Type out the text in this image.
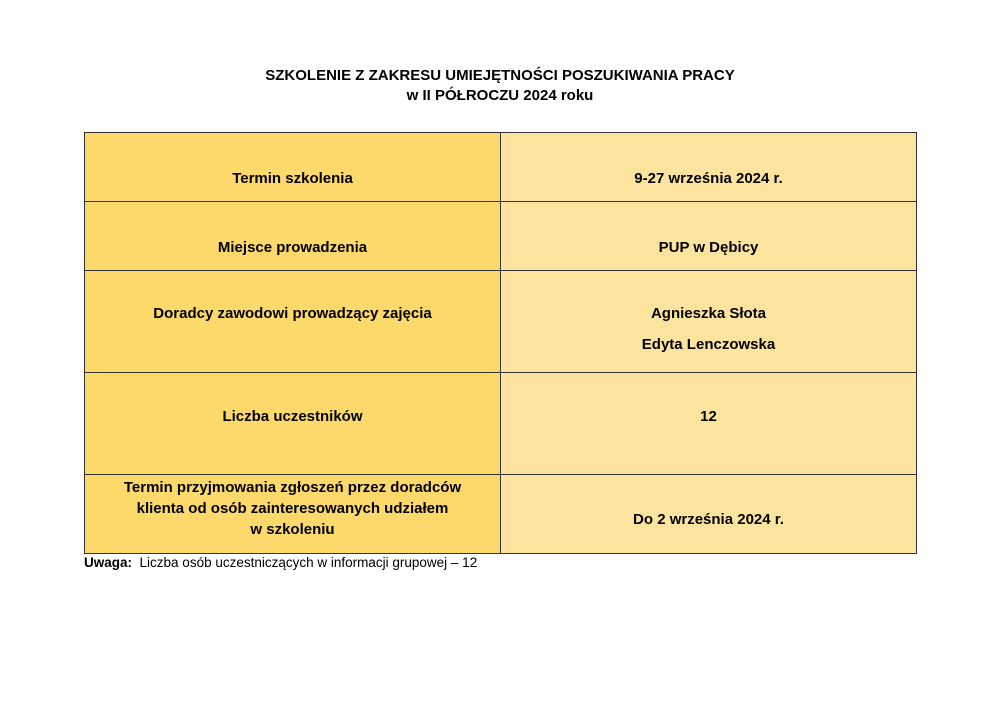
SZKOLENIE Z ZAKRESU UMIEJĘTNOŚCI POSZUKIWANIA PRACY
w II PÓŁROCZU 2024 roku
Termin szkolenia	9-27 września 2024 r.

Miejsce prowadzenia	PUP w Dębicy

Doradcy zawodowi prowadzący zajęcia	Agnieszka Słota
Edyta Lenczowska

Liczba uczestników	12

Termin przyjmowania zgłoszeń przez doradców
klienta od osób zainteresowanych udziałem
w szkoleniu	Do 2 września 2024 r.
Uwaga: Liczba osób uczestniczących w informacji grupowej – 12
